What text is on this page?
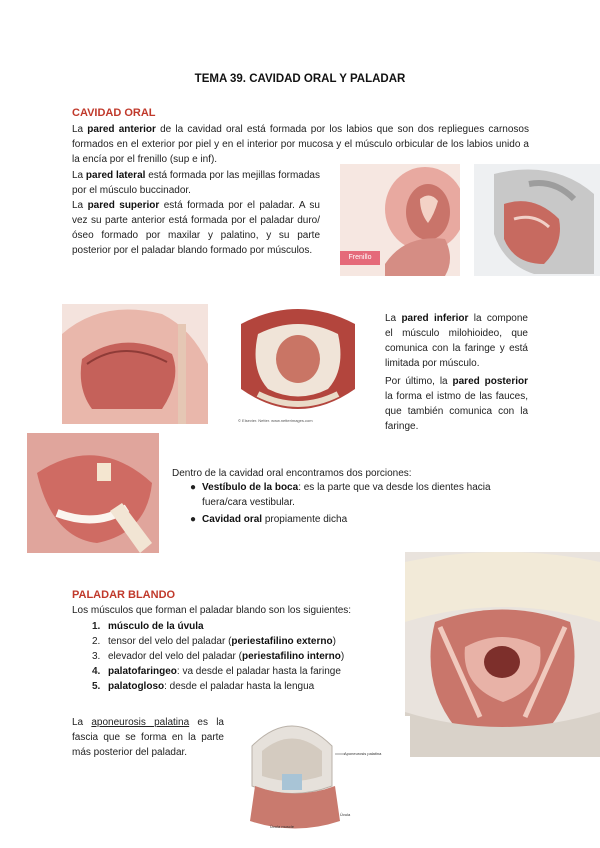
TEMA 39. CAVIDAD ORAL Y PALADAR
CAVIDAD ORAL

La pared anterior de la cavidad oral está formada por los labios que son dos repliegues carnosos formados en el exterior por piel y en el interior por mucosa y el músculo orbicular de los labios unido a la encía por el frenillo (sup e inf).

La pared lateral está formada por las mejillas formadas por el músculo buccinador.

La pared superior está formada por el paladar. A su vez su parte anterior está formada por el paladar duro/óseo formado por maxilar y palatino, y su parte posterior por el paladar blando formado por músculos.

Frenillo
© Elsevier. Netter. www.netterimages.com

La pared inferior la compone el músculo milohioideo, que comunica con la faringe y está limitada por músculo.

Por último, la pared posterior la forma el istmo de las fauces, que también comunica con la faringe.

Dentro de la cavidad oral encontramos dos porciones:
● Vestíbulo de la boca: es la parte que va desde los dientes hacia fuera/cara vestibular.
● Cavidad oral propiamente dicha
PALADAR BLANDO
Los músculos que forman el paladar blando son los siguientes:
1. músculo de la úvula
2. tensor del velo del paladar (periestafilino externo)
3. elevador del velo del paladar (periestafilino interno)
4. palatofaringeo: va desde el paladar hasta la faringe
5. palatogloso: desde el paladar hasta la lengua

La aponeurosis palatina es la fascia que se forma en la parte más posterior del paladar.	Aponeurosis palatina
Úvula
Úvula muscle
